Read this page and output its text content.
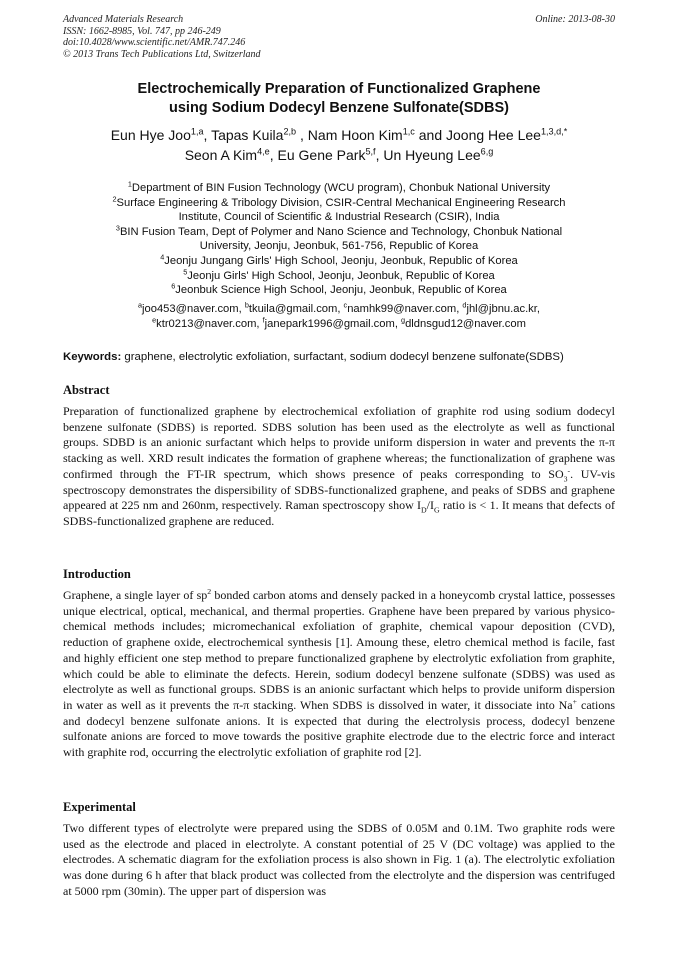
Advanced Materials Research
ISSN: 1662-8985, Vol. 747, pp 246-249
doi:10.4028/www.scientific.net/AMR.747.246
© 2013 Trans Tech Publications Ltd, Switzerland
Online: 2013-08-30
Electrochemically Preparation of Functionalized Graphene
using Sodium Dodecyl Benzene Sulfonate(SDBS)
Eun Hye Joo$^{1,a}$, Tapas Kuila$^{2,b}$ , Nam Hoon Kim$^{1,c}$ and Joong Hee Lee$^{1,3,d,*}$
Seon A Kim$^{4,e}$, Eu Gene Park$^{5,f}$, Un Hyeung Lee$^{6,g}$
$^1$Department of BIN Fusion Technology (WCU program), Chonbuk National University
$^2$Surface Engineering & Tribology Division, CSIR-Central Mechanical Engineering Research
Institute, Council of Scientific & Industrial Research (CSIR), India
$^3$BIN Fusion Team, Dept of Polymer and Nano Science and Technology, Chonbuk National
University, Jeonju, Jeonbuk, 561-756, Republic of Korea
$^4$Jeonju Jungang Girls' High School, Jeonju, Jeonbuk, Republic of Korea
$^5$Jeonju Girls' High School, Jeonju, Jeonbuk, Republic of Korea
$^6$Jeonbuk Science High School, Jeonju, Jeonbuk, Republic of Korea
$^a$joo453@naver.com, $^b$tkuila@gmail.com, $^c$namhk99@naver.com, $^d$jhl@jbnu.ac.kr,
$^e$ktr0213@naver.com, $^f$janepark1996@gmail.com, $^g$dldnsgud12@naver.com
Keywords: graphene, electrolytic exfoliation, surfactant, sodium dodecyl benzene sulfonate(SDBS)
Abstract
Preparation of functionalized graphene by electrochemical exfoliation of graphite rod using sodium dodecyl benzene sulfonate (SDBS) is reported. SDBS solution has been used as the electrolyte as well as functional groups. SDBD is an anionic surfactant which helps to provide uniform dispersion in water and prevents the π-π stacking as well. XRD result indicates the formation of graphene whereas; the functionalization of graphene was confirmed through the FT-IR spectrum, which shows presence of peaks corresponding to $SO_3^-$. UV-vis spectroscopy demonstrates the dispersibility of SDBS-functionalized graphene, and peaks of SDBS and graphene appeared at 225 nm and 260nm, respectively. Raman spectroscopy show $I_D/I_G$ ratio is < 1. It means that defects of SDBS-functionalized graphene are reduced.
Introduction
Graphene, a single layer of $sp^2$ bonded carbon atoms and densely packed in a honeycomb crystal lattice, possesses unique electrical, optical, mechanical, and thermal properties. Graphene have been prepared by various physico-chemical methods includes; micromechanical exfoliation of graphite, chemical vapour deposition (CVD), reduction of graphene oxide, electrochemical synthesis [1]. Amoung these, eletro chemical method is facile, fast and highly efficient one step method to prepare functionalized graphene by electrolytic exfoliation from graphite, which could be able to eliminate the defects. Herein, sodium dodecyl benzene sulfonate (SDBS) was used as electrolyte as well as functional groups. SDBS is an anionic surfactant which helps to provide uniform dispersion in water as well as it prevents the π-π stacking. When SDBS is dissolved in water, it dissociate into Na+ cations and dodecyl benzene sulfonate anions. It is expected that during the electrolysis process, dodecyl benzene sulfonate anions are forced to move towards the positive graphite electrode due to the electric force and interact with graphite rod, occurring the electrolytic exfoliation of graphite rod [2].
Experimental
Two different types of electrolyte were prepared using the SDBS of 0.05M and 0.1M. Two graphite rods were used as the electrode and placed in electrolyte. A constant potential of 25 V (DC voltage) was applied to the electrodes. A schematic diagram for the exfoliation process is also shown in Fig. 1 (a). The electrolytic exfoliation was done during 6 h after that black product was collected from the electrolyte and the dispersion was centrifuged at 5000 rpm (30min). The upper part of dispersion was
